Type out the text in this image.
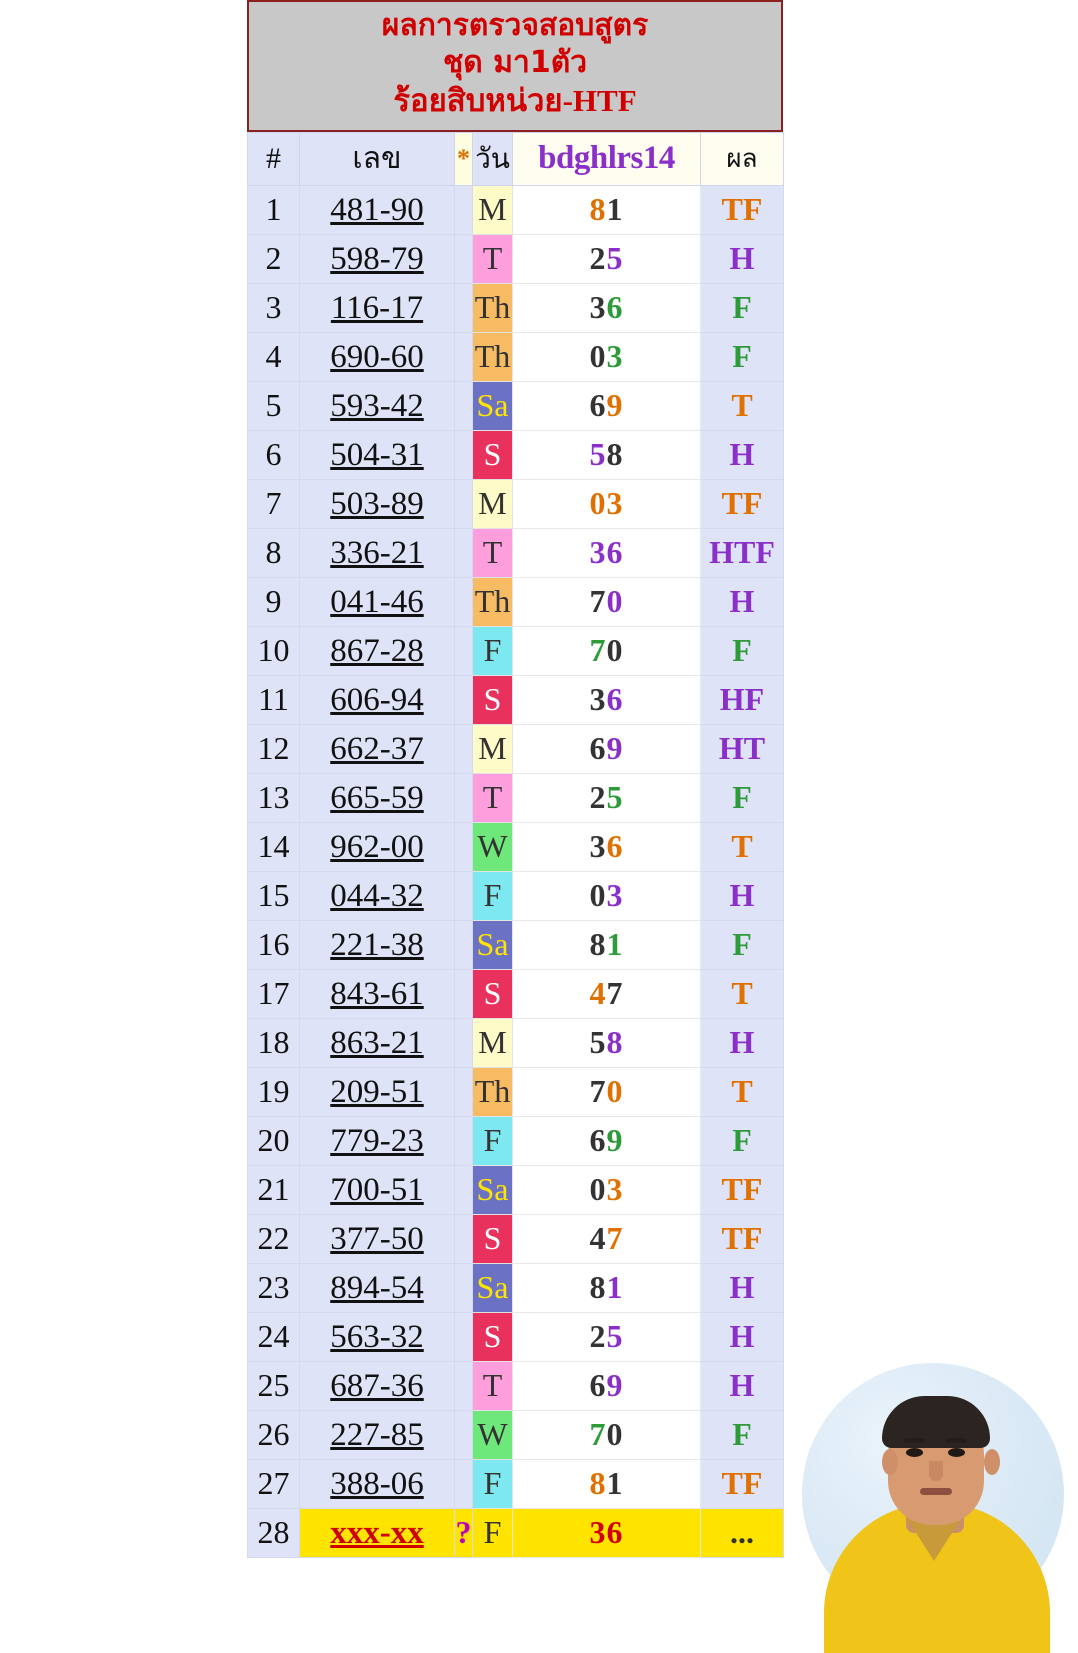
ผลการตรวจสอบสูตร
ชุด มา1ตัว
ร้อยสิบหน่วย-HTF
#	เลข	*	วัน	bdghlrs14	ผล
1	481-90		M	81	TF
2	598-79		T	25	H
3	116-17		Th	36	F
4	690-60		Th	03	F
5	593-42		Sa	69	T
6	504-31		S	58	H
7	503-89		M	03	TF
8	336-21		T	36	HTF
9	041-46		Th	70	H
10	867-28		F	70	F
11	606-94		S	36	HF
12	662-37		M	69	HT
13	665-59		T	25	F
14	962-00		W	36	T
15	044-32		F	03	H
16	221-38		Sa	81	F
17	843-61		S	47	T
18	863-21		M	58	H
19	209-51		Th	70	T
20	779-23		F	69	F
21	700-51		Sa	03	TF
22	377-50		S	47	TF
23	894-54		Sa	81	H
24	563-32		S	25	H
25	687-36		T	69	H
26	227-85		W	70	F
27	388-06		F	81	TF
28	xxx-xx	?	F	36	...
